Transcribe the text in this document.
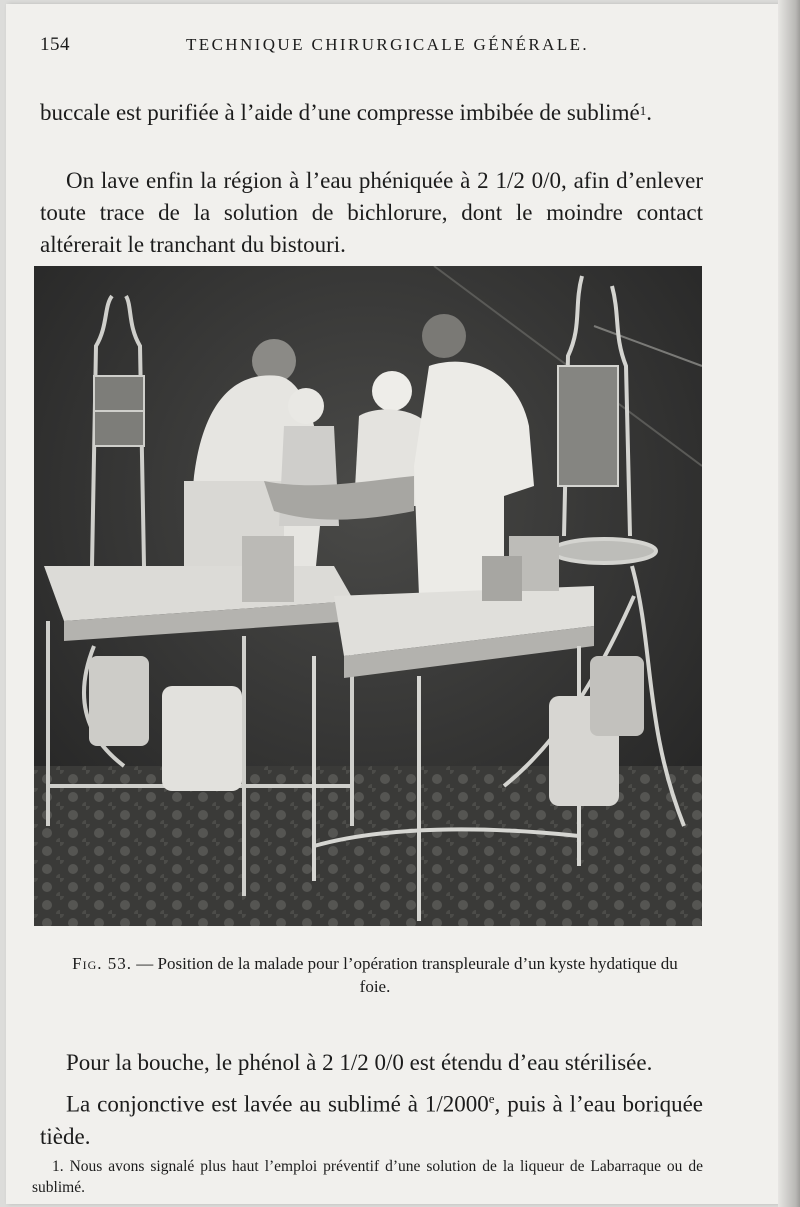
154	TECHNIQUE CHIRURGICALE GÉNÉRALE.

buccale est purifiée à l’aide d’une compresse imbibée de sublimé$^1$.

On lave enfin la région à l’eau phéniquée à 2 1/2 0/0, afin d’enlever toute trace de la solution de bichlorure, dont le moindre contact altérerait le tranchant du bistouri.

Fig. 53. — Position de la malade pour l’opération transpleurale d’un kyste hydatique du foie.

Pour la bouche, le phénol à 2 1/2 0/0 est étendu d’eau stérilisée.

La conjonctive est lavée au sublimé à 1/2000e, puis à l’eau boriquée tiède.

1. Nous avons signalé plus haut l’emploi préventif d’une solution de la liqueur de Labarraque ou de sublimé.
